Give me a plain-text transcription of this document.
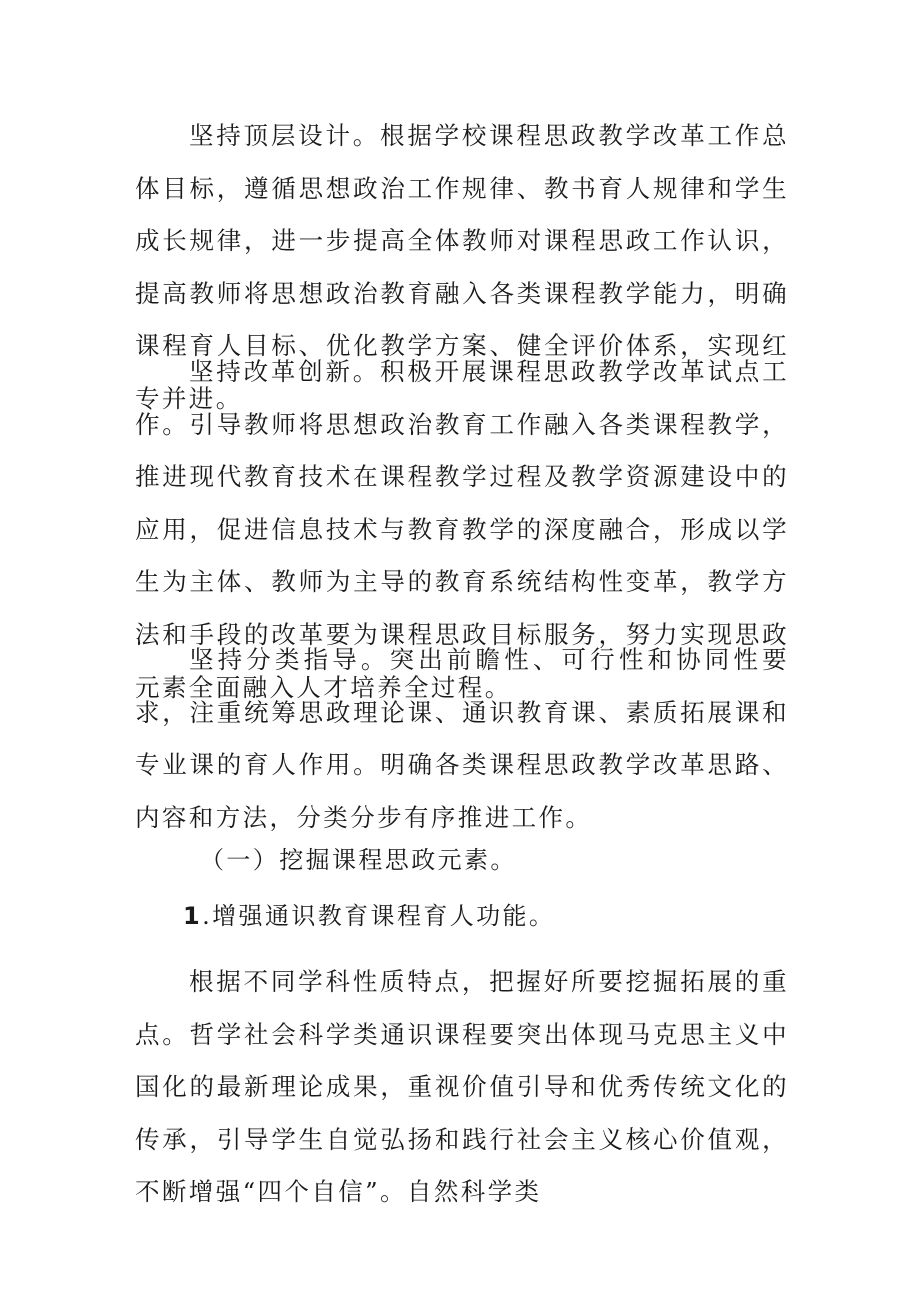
坚持顶层设计。根据学校课程思政教学改革工作总体目标，遵循思想政治工作规律、教书育人规律和学生成长规律，进一步提高全体教师对课程思政工作认识，提高教师将思想政治教育融入各类课程教学能力，明确课程育人目标、优化教学方案、健全评价体系，实现红专并进。

坚持改革创新。积极开展课程思政教学改革试点工作。引导教师将思想政治教育工作融入各类课程教学，推进现代教育技术在课程教学过程及教学资源建设中的应用，促进信息技术与教育教学的深度融合，形成以学生为主体、教师为主导的教育系统结构性变革，教学方法和手段的改革要为课程思政目标服务，努力实现思政元素全面融入人才培养全过程。

坚持分类指导。突出前瞻性、可行性和协同性要求，注重统筹思政理论课、通识教育课、素质拓展课和专业课的育人作用。明确各类课程思政教学改革思路、内容和方法，分类分步有序推进工作。

（一）挖掘课程思政元素。

1.增强通识教育课程育人功能。

根据不同学科性质特点，把握好所要挖掘拓展的重点。哲学社会科学类通识课程要突出体现马克思主义中国化的最新理论成果，重视价值引导和优秀传统文化的传承，引导学生自觉弘扬和践行社会主义核心价值观，不断增强“四个自信”。自然科学类
